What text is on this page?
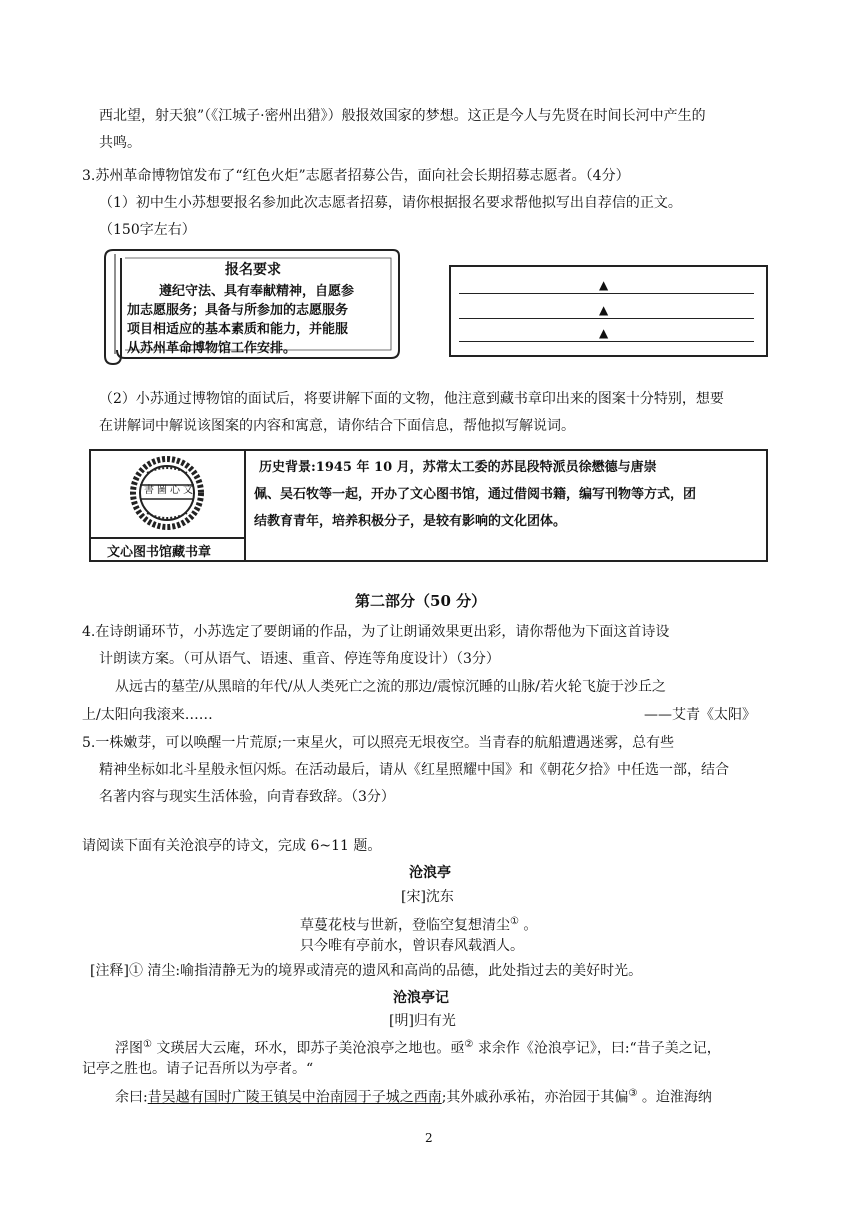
西北望，射天狼”（《江城子·密州出猎》）般报效国家的梦想。这正是今人与先贤在时间长河中产生的
共鸣。
3.苏州革命博物馆发布了“红色火炬”志愿者招募公告，面向社会长期招募志愿者。（4分）
（1）初中生小苏想要报名参加此次志愿者招募，请你根据报名要求帮他拟写出自荐信的正文。
（150字左右）
报名要求
遵纪守法、具有奉献精神，自愿参
加志愿服务；具备与所参加的志愿服务
项目相适应的基本素质和能力，并能服
从苏州革命博物馆工作安排。
▲
▲
▲
（2）小苏通过博物馆的面试后，将要讲解下面的文物，他注意到藏书章印出来的图案十分特别，想要
在讲解词中解说该图案的内容和寓意，请你结合下面信息，帮他拟写解说词。
書 圖 心 文
文心图书馆藏书章
历史背景:1945 年 10 月，苏常太工委的苏昆段特派员徐懋德与唐崇
佩、吴石牧等一起，开办了文心图书馆，通过借阅书籍，编写刊物等方式，团
结教育青年，培养积极分子，是较有影响的文化团体。
第二部分（50 分）
4.在诗朗诵环节，小苏选定了要朗诵的作品，为了让朗诵效果更出彩，请你帮他为下面这首诗设
计朗读方案。（可从语气、语速、重音、停连等角度设计）（3分）
从远古的墓茔/从黑暗的年代/从人类死亡之流的那边/震惊沉睡的山脉/若火轮飞旋于沙丘之
上/太阳向我滚来……	——艾青《太阳》
5.一株嫩芽，可以唤醒一片荒原;一束星火，可以照亮无垠夜空。当青春的航船遭遇迷雾，总有些
精神坐标如北斗星般永恒闪烁。在活动最后，请从《红星照耀中国》和《朝花夕拾》中任选一部，结合
名著内容与现实生活体验，向青春致辞。（3分）
请阅读下面有关沧浪亭的诗文，完成 6~11 题。
沧浪亭
[宋]沈东
草蔓花枝与世新，登临空复想清尘① 。
只今唯有亭前水，曾识春风载酒人。
[注释]① 清尘:喻指清静无为的境界或清亮的遗风和高尚的品德，此处指过去的美好时光。
沧浪亭记
[明]归有光
浮图① 文瑛居大云庵，环水，即苏子美沧浪亭之地也。亟② 求余作《沧浪亭记》，曰:“昔子美之记，
记亭之胜也。请子记吾所以为亭者。“
余曰:昔吴越有国时广陵王镇吴中治南园于子城之西南;其外戚孙承祐，亦治园于其偏③ 。迨淮海纳
2
